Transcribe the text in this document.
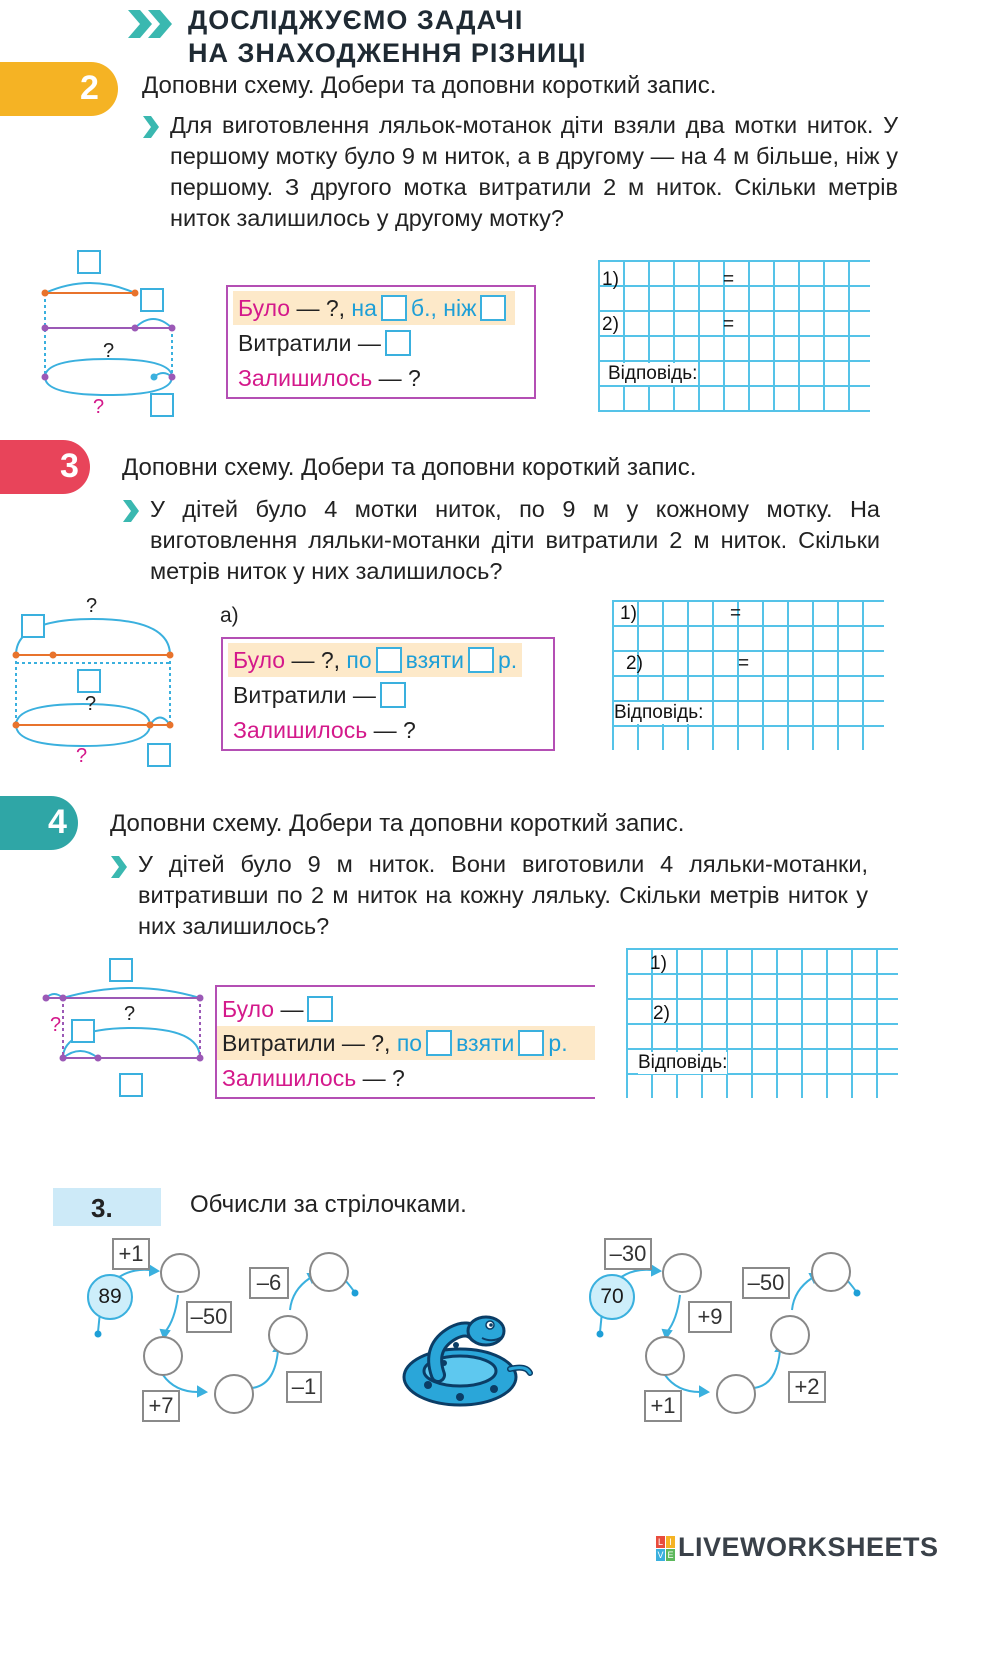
ДОСЛІДЖУЄМО ЗАДАЧІ
НА ЗНАХОДЖЕННЯ РІЗНИЦІ
2 Доповни схему. Добери та доповни короткий запис.
Для виготовлення ляльок-мотанок діти взяли два мотки ниток. У першому мотку було 9 м ниток, а в другому — на 4 м більше, ніж у першому. З другого мотка витратили 2 м ниток. Скільки метрів ниток залишилось у другому мотку?
?
?
Було — ?, на б., ніж
Витратили —
Залишилось — ?
1)	=
2)	=
Відповідь:
3 Доповни схему. Добери та доповни короткий запис.
У дітей було 4 мотки ниток, по 9 м у кожному мотку. На виготовлення ляльки-мотанки діти витратили 2 м ниток. Скільки метрів ниток у них залишилось?
?
?
?
а)
Було — ?, по взяти р.
Витратили —
Залишилось — ?
1)	=
2)	=
Відповідь:
4 Доповни схему. Добери та доповни короткий запис.
У дітей було 9 м ниток. Вони виготовили 4 ляльки-мотанки, витративши по 2 м ниток на кожну ляльку. Скільки метрів ниток у них залишилось?
?	?	Було —
Витратили — ?, по взяти р.
Залишилось — ?
1)
2)
Відповідь:
3.	Обчисли за стрілочками.
89
+1
–50
+7
–1
–6
70
–30
+9
+1
+2
–50
L I
V E LIVEWORKSHEETS
